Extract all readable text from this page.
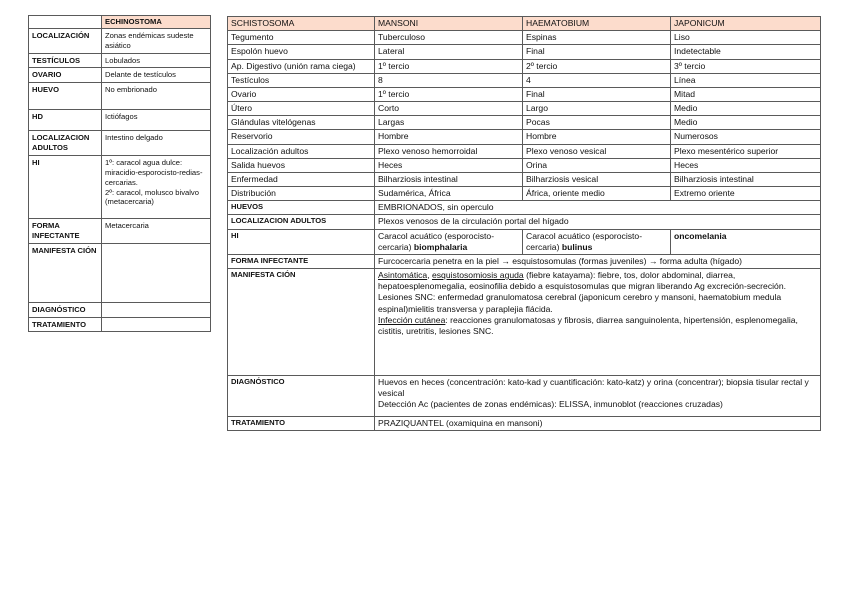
	ECHINOSTOMA
LOCALIZACIÓN	Zonas endémicas sudeste asiático
TESTÍCULOS	Lobulados
OVARIO	Delante de testículos
HUEVO	No embrionado
HD	Ictiófagos
LOCALIZACION ADULTOS	Intestino delgado
HI	1º: caracol agua dulce: miracidio-esporocisto-redias-cercarias.
2º: caracol, molusco bivalvo (metacercaria)

FORMA INFECTANTE	Metacercaria
MANIFESTA CIÓN	
DIAGNÓSTICO	
TRATAMIENTO	
SCHISTOSOMA	MANSONI	HAEMATOBIUM	JAPONICUM
Tegumento	Tuberculoso	Espinas	Liso
Espolón huevo	Lateral	Final	Indetectable
Ap. Digestivo (unión rama ciega)	1º tercio	2º tercio	3º tercio
Testículos	8	4	Línea
Ovario	1º tercio	Final	Mitad
Útero	Corto	Largo	Medio
Glándulas vitelógenas	Largas	Pocas	Medio
Reservorio	Hombre	Hombre	Numerosos
Localización adultos	Plexo venoso hemorroidal	Plexo venoso vesical	Plexo mesentérico superior
Salida huevos	Heces	Orina	Heces
Enfermedad	Bilharziosis intestinal	Bilharziosis vesical	Bilharziosis intestinal
Distribución	Sudamérica, África	África, oriente medio	Extremo oriente
HUEVOS	EMBRIONADOS, sin operculo		
LOCALIZACION ADULTOS	Plexos venosos de la circulación portal del hígado		
HI	Caracol acuático (esporocisto-cercaria) biomphalaria	Caracol acuático (esporocisto-cercaria) bulinus	oncomelania
FORMA INFECTANTE	Furcocercaria penetra en la piel → esquistosomulas (formas juveniles) → forma adulta (hígado)		
MANIFESTA CIÓN	Asintomática, esquistosomiosis aguda (fiebre katayama): fiebre, tos, dolor abdominal, diarrea, hepatoesplenomegalia, eosinofilia debido a esquistosomulas que migran liberando Ag excreción-secreción.
Lesiones SNC: enfermedad granulomatosa cerebral (japonicum cerebro y mansoni, haematobium medula espinal)mielitis transversa y paraplejia flácida.
Infección cutánea: reacciones granulomatosas y fibrosis, diarrea sanguinolenta, hipertensión, esplenomegalia, cistitis, uretritis, lesiones SNC.		

DIAGNÓSTICO	Huevos en heces (concentración: kato-kad y cuantificación: kato-katz) y orina (concentrar); biopsia tisular rectal y vesical
Detección Ac (pacientes de zonas endémicas): ELISSA, inmunoblot (reacciones cruzadas)		

TRATAMIENTO	PRAZIQUANTEL (oxamiquina en mansoni)		
